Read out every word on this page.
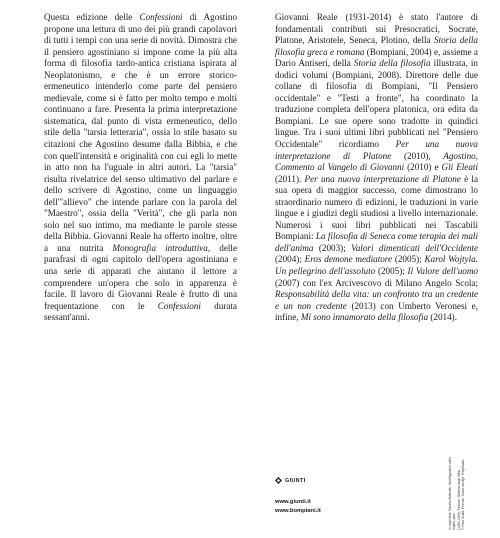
Questa edizione delle Confessioni di Agostino propone una lettura di uno dei più grandi capolavori di tutti i tempi con una serie di novità. Dimostra che il pensiero agostiniano si impone come la più alta forma di filosofia tardo-antica cristiana ispirata al Neoplatonismo, e che è un errore storico-ermeneutico intenderlo come parte del pensiero medievale, come si è fatto per molto tempo e molti continuano a fare. Presenta la prima interpretazione sistematica, dal punto di vista ermeneutico, dello stile della "tarsia letteraria", ossia lo stile basato su citazioni che Agostino desume dalla Bibbia, e che con quell'intensità e originalità con cui egli lo mette in atto non ha l'uguale in altri autori. La "tarsia" risulta rivelatrice del senso ultimativo del parlare e dello scrivere di Agostino, come un linguaggio dell'"allievo" che intende parlare con la parola del "Maestro", ossia della "Verità", che gli parla non solo nel suo intimo, ma mediante le parole stesse della Bibbia. Giovanni Reale ha offerto inoltre, oltre a una nutrita Monografia introduttiva, delle parafrasi di ogni capitolo dell'opera agostiniana e una serie di apparati che aiutano il lettore a comprendere un'opera che solo in apparenza è facile. Il lavoro di Giovanni Reale è frutto di una frequentazione con le Confessioni durata sessant'anni.

Giovanni Reale (1931-2014) è stato l'autore di fondamentali contributi sui Presocratici, Socrate, Platone, Aristotele, Seneca, Plotino, della Storia della filosofia greca e romana (Bompiani, 2004) e, assieme a Dario Antiseri, della Storia della filosofia illustrata, in dodici volumi (Bompiani, 2008). Direttore delle due collane di filosofia di Bompiani, "Il Pensiero occidentale" e "Testi a fronte", ha coordinato la traduzione completa dell'opera platonica, ora edita da Bompiani. Le sue opere sono tradotte in quindici lingue. Tra i suoi ultimi libri pubblicati nel "Pensiero Occidentale" ricordiamo Per una nuova interpretazione di Platone (2010), Agostino, Commento al Vangelo di Giovanni (2010) e Gli Eleati (2011). Per una nuova interpretazione di Platone è la sua opera di maggior successo, come dimostrano lo straordinario numero di edizioni, le traduzioni in varie lingue e i giudizi degli studiosi a livello internazionale. Numerosi i suoi libri pubblicati nei Tascabili Bompiani: La filosofia di Seneca come terapia dei mali dell'anima (2003); Valori dimenticati dell'Occidente (2004); Eros demone mediatore (2005); Karol Wojtyla. Un pellegrino dell'assoluto (2005); Il Valore dell'uomo (2007) con l'ex Arcivescovo di Milano Angelo Scola; Responsabilità della vita: un confronto tra un credente e un non credente (2013) con Umberto Veronesi e, infine, Mi sono innamorato della filosofia (2014).

GIUNTI
www.giunti.it
www.bompiani.it	In copertina: Sandro Botticelli, Sant'Agostino nello studio, part. (1480-1490). Firenze, Galleria degli Uffizi. © Foto Scala, Firenze. Cover design: Polystudio.
